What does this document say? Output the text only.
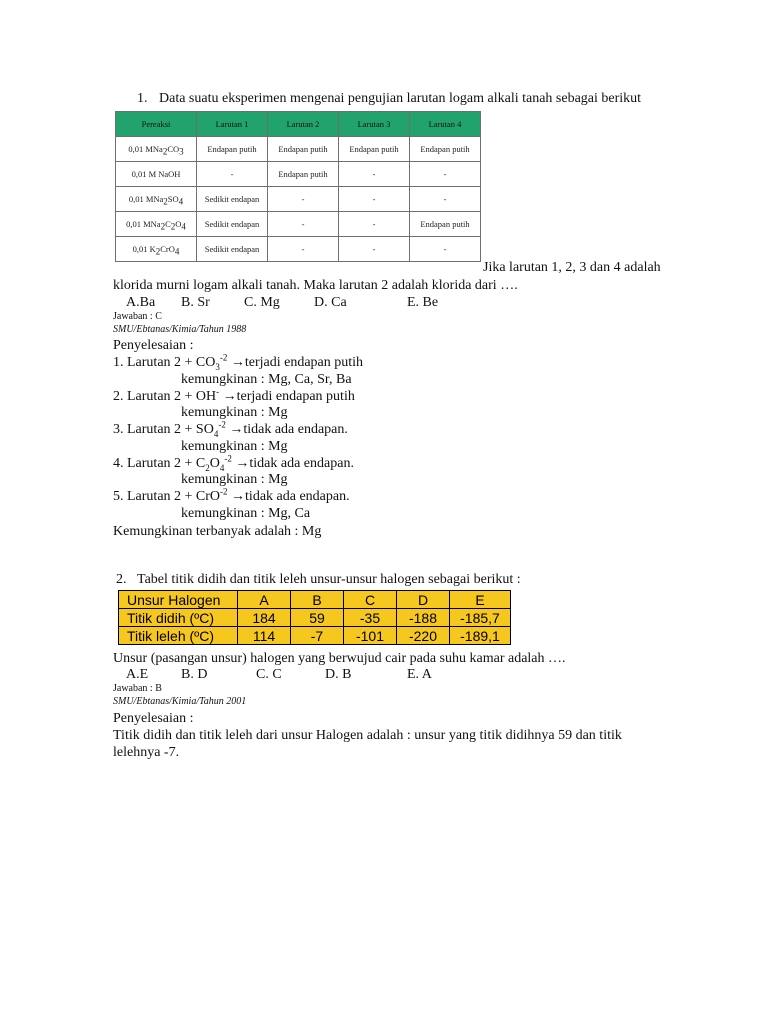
1. Data suatu eksperimen mengenai pengujian larutan logam alkali tanah sebagai berikut
Pereaksi	Larutan 1	Larutan 2	Larutan 3	Larutan 4
0,01 $MNa_2CO_3$	Endapan putih	Endapan putih	Endapan putih	Endapan putih
0,01 M NaOH	-	Endapan putih	-	-
0,01 $MNa_2SO_4$	Sedikit endapan	-	-	-
0,01 $MNa_2C_2O_4$	Sedikit endapan	-	-	Endapan putih
0,01 $K_2CrO_4$	Sedikit endapan	-	-	-
Jika larutan 1, 2, 3 dan 4 adalah
klorida murni logam alkali tanah. Maka larutan 2 adalah klorida dari ….
A.Ba B. Sr C. Mg D. Ca	E. Be
Jawaban : C
SMU/Ebtanas/Kimia/Tahun 1988
Penyelesaian :
1. Larutan $2 + CO_3^{-2}$ →terjadi endapan putih
kemungkinan : Mg, Ca, Sr, Ba
2. Larutan 2 + OH- →terjadi endapan putih
kemungkinan : Mg
3. Larutan $2 + SO_4^{-2}$ →tidak ada endapan.
kemungkinan : Mg
4. Larutan $2 + C_2O_4^{-2}$ →tidak ada endapan.
kemungkinan : Mg
5. Larutan 2 + CrO$^{-2}$ →tidak ada endapan.
kemungkinan : Mg, Ca
Kemungkinan terbanyak adalah : Mg
2. Tabel titik didih dan titik leleh unsur-unsur halogen sebagai berikut :
Unsur Halogen	A	B	C	D	E
Titik didih (ºC)	184	59	-35	-188	-185,7
Titik leleh (ºC)	114	-7	-101	-220	-189,1
Unsur (pasangan unsur) halogen yang berwujud cair pada suhu kamar adalah ….
A.E B. D	C. C	D. B	E. A
Jawaban : B
SMU/Ebtanas/Kimia/Tahun 2001
Penyelesaian :
Titik didih dan titik leleh dari unsur Halogen adalah : unsur yang titik didihnya 59 dan titik
lelehnya -7.
